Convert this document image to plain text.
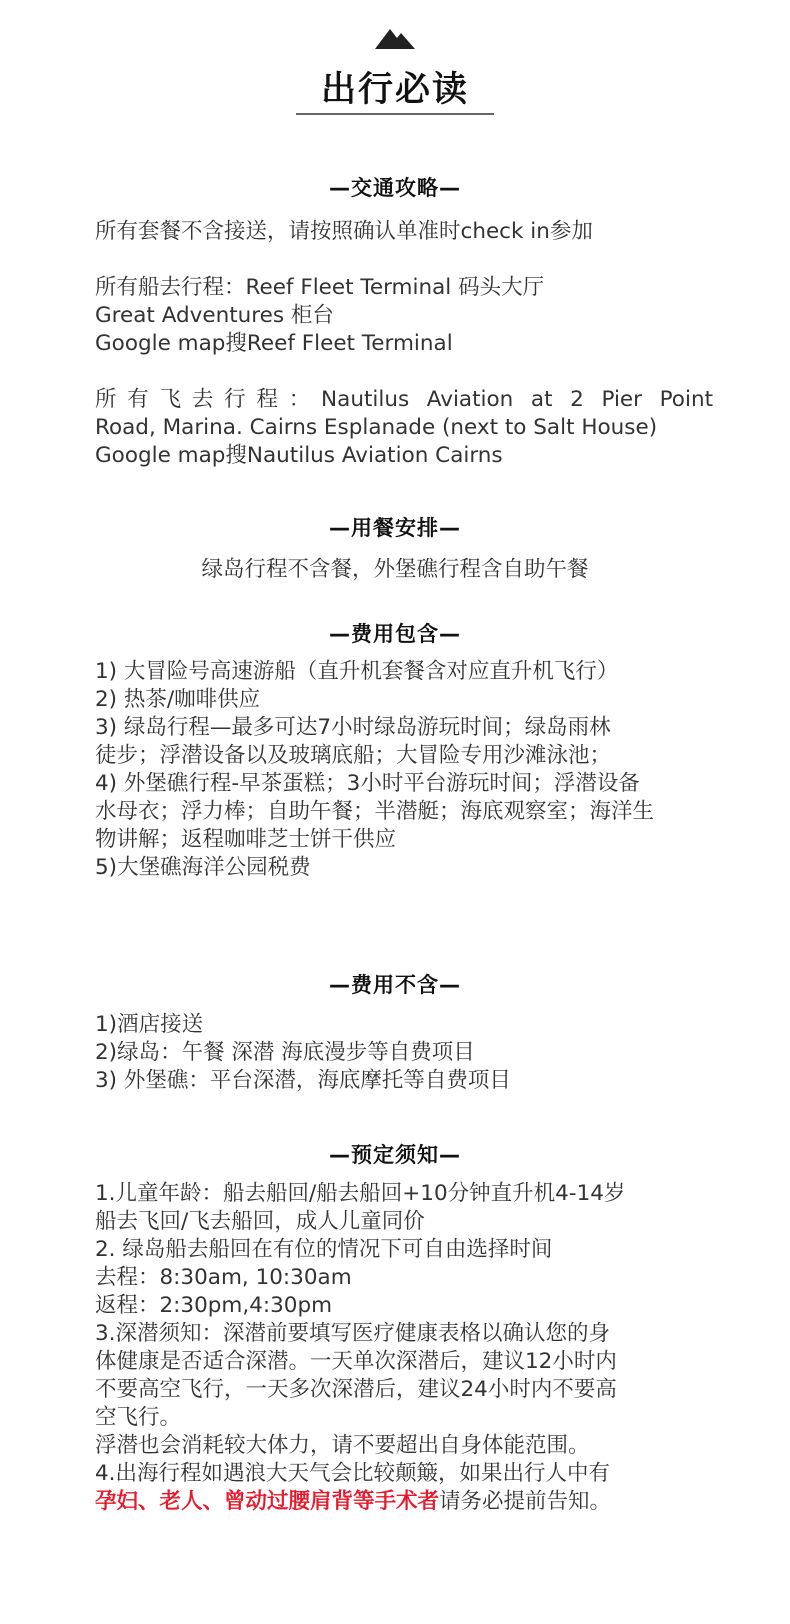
出行必读
—交通攻略—
所有套餐不含接送，请按照确认单准时check in参加
所有船去行程：Reef Fleet Terminal 码头大厅
Great Adventures 柜台
Google map搜Reef Fleet Terminal
所有飞去行程：Nautilus Aviation at 2 Pier Point
Road, Marina. Cairns Esplanade (next to Salt House)
Google map搜Nautilus Aviation Cairns
—用餐安排—
绿岛行程不含餐，外堡礁行程含自助午餐
—费用包含—
1) 大冒险号高速游船（直升机套餐含对应直升机飞行）
2) 热茶/咖啡供应
3) 绿岛行程—最多可达7小时绿岛游玩时间；绿岛雨林
徒步；浮潜设备以及玻璃底船；大冒险专用沙滩泳池；
4) 外堡礁行程-早茶蛋糕；3小时平台游玩时间；浮潜设备
水母衣；浮力棒；自助午餐；半潜艇；海底观察室；海洋生
物讲解；返程咖啡芝士饼干供应
5)大堡礁海洋公园税费
—费用不含—
1)酒店接送
2)绿岛：午餐 深潜 海底漫步等自费项目
3) 外堡礁：平台深潜，海底摩托等自费项目
—预定须知—
1.儿童年龄：船去船回/船去船回+10分钟直升机4-14岁
船去飞回/飞去船回，成人儿童同价
2. 绿岛船去船回在有位的情况下可自由选择时间
去程：8:30am, 10:30am
返程：2:30pm,4:30pm
3.深潜须知：深潜前要填写医疗健康表格以确认您的身
体健康是否适合深潜。一天单次深潜后，建议12小时内
不要高空飞行，一天多次深潜后，建议24小时内不要高
空飞行。
浮潜也会消耗较大体力，请不要超出自身体能范围。
4.出海行程如遇浪大天气会比较颠簸，如果出行人中有
孕妇、老人、曾动过腰肩背等手术者请务必提前告知。
